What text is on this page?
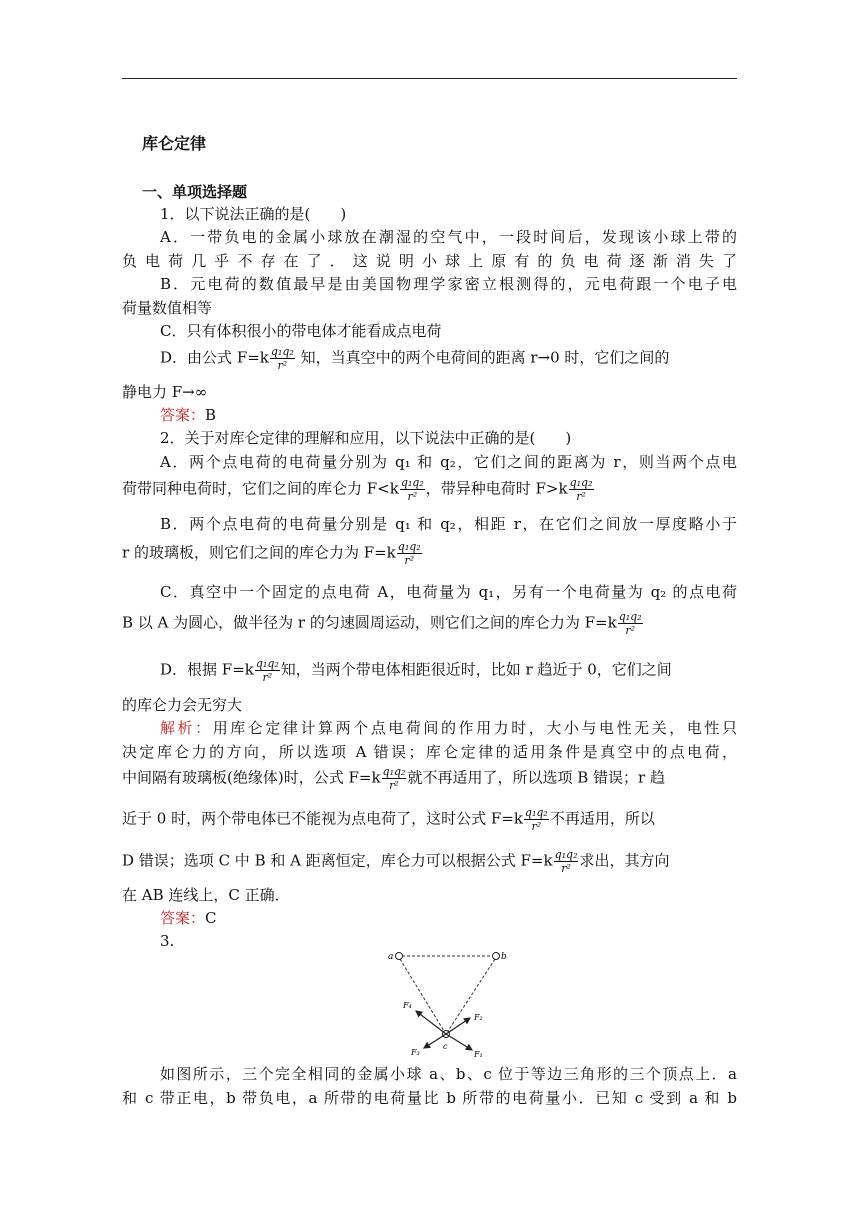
库仑定律
一、单项选择题
1．以下说法正确的是(　　)
A．一带负电的金属小球放在潮湿的空气中，一段时间后，发现该小球上带的
负电荷几乎不存在了．这说明小球上原有的负电荷逐渐消失了
B．元电荷的数值最早是由美国物理学家密立根测得的，元电荷跟一个电子电
荷量数值相等
C．只有体积很小的带电体才能看成点电荷
D．由公式 $F=k \frac{\text{q₁q₂}}{\text{r²}}$ 知，当真空中的两个电荷间的距离 r→0 时，它们之间的
静电力 F→∞
答案：B
2．关于对库仑定律的理解和应用，以下说法中正确的是(　　)
A．两个点电荷的电荷量分别为 q₁ 和 q₂，它们之间的距离为 r，则当两个点电
荷带同种电荷时，它们之间的库仑力 $F<k \frac{\text{q₁q₂}}{\text{r²}}$ ，带异种电荷时 $F>k \frac{\text{q₁q₂}}{\text{r²}}$
B．两个点电荷的电荷量分别是 q₁ 和 q₂，相距 r，在它们之间放一厚度略小于
r 的玻璃板，则它们之间的库仑力为 $F=k \frac{\text{q₁q₂}}{\text{r²}}$
C．真空中一个固定的点电荷 A，电荷量为 q₁，另有一个电荷量为 q₂ 的点电荷
B 以 A 为圆心，做半径为 r 的匀速圆周运动，则它们之间的库仑力为 $F=k \frac{\text{q₁q₂}}{\text{r²}}$
D．根据 $F=k \frac{\text{q₁q₂}}{\text{r²}}$ 知，当两个带电体相距很近时，比如 r 趋近于 0，它们之间
的库仑力会无穷大
解析：用库仑定律计算两个点电荷间的作用力时，大小与电性无关，电性只
决定库仑力的方向，所以选项 A 错误；库仑定律的适用条件是真空中的点电荷，
中间隔有玻璃板(绝缘体)时，公式 $F=k \frac{\text{q₁q₂}}{\text{r²}}$ 就不再适用了，所以选项 B 错误；r 趋
近于 0 时，两个带电体已不能视为点电荷了，这时公式 $F=k \frac{\text{q₁q₂}}{\text{r²}}$ 不再适用，所以
D 错误；选项 C 中 B 和 A 距离恒定，库仑力可以根据公式 $F=k \frac{\text{q₁q₂}}{\text{r²}}$ 求出，其方向
在 AB 连线上，C 正确．
答案：C
3.
a	b
c
F₄
F₂
F₃	F₁
如图所示，三个完全相同的金属小球 a、b、c 位于等边三角形的三个顶点上．a
和 c 带正电，b 带负电，a 所带的电荷量比 b 所带的电荷量小．已知 c 受到 a 和 b
